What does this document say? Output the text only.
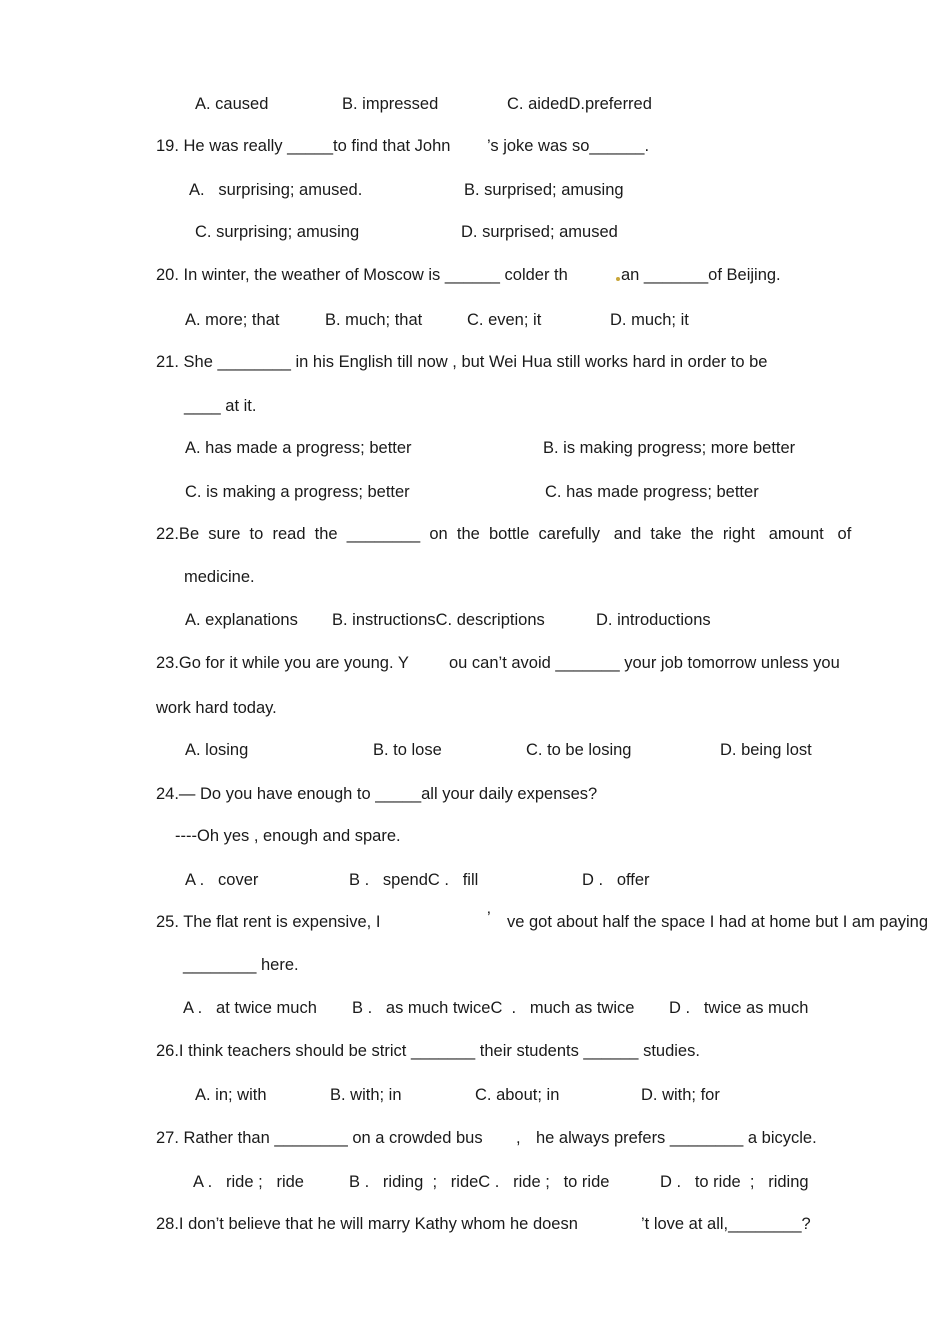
A. caused	B. impressed	C. aidedD.preferred
19. He was really _____to find that John ’s joke was so______.
A.   surprising; amused.	B. surprised; amusing
C. surprising; amusing	D. surprised; amused
20. In winter, the weather of Moscow is ______ colder th	an _______of Beijing.
A. more; that	B. much; that	C. even; it	D. much; it
21. She ________ in his English till now , but Wei Hua still works hard in order to be
____ at it.
A. has made a progress; better	B. is making progress; more better
C. is making a progress; better	C. has made progress; better
22.Be  sure  to  read  the  ________  on  the  bottle  carefully   and  take  the  right   amount   of
medicine.
A. explanations B. instructionsC. descriptions	D. introductions
23.Go for it while you are young. Y ou can’t avoid _______ your job tomorrow unless you
work hard today.
A. losing	B. to lose	C. to be losing	D. being lost
24.— Do you have enough to _____all your daily expenses?
----Oh yes , enough and spare.
A .   cover	B .   spendC .   fill	D .   offer
25. The flat rent is expensive, I	’ ve got about half the space I had at home but I am paying
________ here.
A .   at twice much B .   as much twiceC  .   much as twice D .   twice as much
26.I think teachers should be strict _______ their students ______ studies.
A. in; with	B. with; in	C. about; in	D. with; for
27. Rather than ________ on a crowded bus , he always prefers ________ a bicycle.
A .   ride ;   ride	B .   riding  ;   rideC .   ride ;   to ride	D .   to ride  ;   riding
28.I don’t believe that he will marry Kathy whom he doesn	’t love at all,________?
